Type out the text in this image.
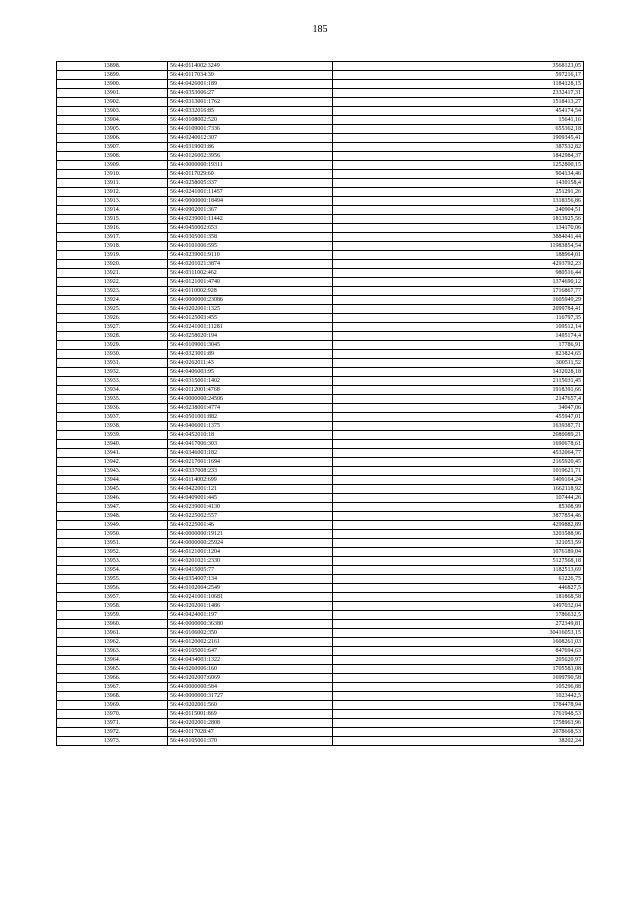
185
13898.	56:44:0114002:3249	3568123,05
13899.	56:44:0117034:30	597216,17
13900.	56:44:0426001:189	1184128,15
13901.	56:44:0353006:27	2332417,31
13902.	56:44:0313001:1762	1518413,27
13903.	56:44:0332016:85	454174,54
13904.	56:44:0108002:520	15641,16
13905.	56:44:0109001:7336	655362,18
13906.	56:44:0240012:307	1909345,41
13907.	56:44:0319003:86	387532,82
13908.	56:44:0126002:3956	1842984,37
13909.	56:44:0000000:19311	1252800,15
13910.	56:44:0117029:60	904134,46
13911.	56:44:0258005:337	1430158,4
13912.	56:44:0241001:11457	251291,26
13913.	56:44:0000000:18494	1318356,86
13914.	56:44:0902001:367	240904,51
13915.	56:44:0239001:11442	1813925,56
13916.	56:44:0450002:653	134170,06
13917.	56:44:0305001:358	3884041,44
13918.	56:44:0101006:595	11983854,54
13919.	56:44:0239001:9110	188964,01
13920.	56:44:0201021:3874	4293792,23
13921.	56:44:0311002:462	980516,44
13922.	56:44:0121001:4740	1374690,12
13923.	56:44:0110002:928	1716867,77
13924.	56:44:0000000:23086	1605949,29
13925.	56:44:0202001:1325	2099784,41
13926.	56:44:0125003:455	116797,35
13927.	56:44:0241001:11281	109512,14
13928.	56:44:0258020:194	1495174,4
13929.	56:44:0109001:3045	17786,91
13930.	56:44:0323001:89	823824,65
13931.	56:44:0262011:43	300511,52
13932.	56:44:0406003:95	1432028,18
13933.	56:44:0315001:1402	2115031,45
13934.	56:44:0112001:4768	1918391,66
13935.	56:44:0000000:24506	2147657,4
13936.	56:44:0238001:4774	34047,06
13937.	56:44:0501001:882	455947,01
13938.	56:44:0406001:1375	1639387,71
13939.	56:44:0452010:18	2080089,21
13940.	56:44:0417006:303	1690678,61
13941.	56:44:0346003:182	4532064,77
13942.	56:44:0217001:1694	2165920,45
13943.	56:44:0337008:233	1019621,71
13944.	56:44:0114002:699	1409164,24
13945.	56:44:0422001:121	1662118,92
13946.	56:44:0409001:445	107444,26
13947.	56:44:0239001:4130	85308,99
13948.	56:44:0225002:557	3877854,46
13949.	56:44:0225001:46	4299882,89
13950.	56:44:0000000:19121	3203588,96
13951.	56:44:0000000:25924	321053,59
13952.	56:44:0121001:1204	1076189,04
13953.	56:44:0201021:2330	5127568,18
13954.	56:44:0415005:77	1182513,69
13955.	56:44:0354007:134	61226,75
13956.	56:44:0102004:2549	446827,5
13957.	56:44:0241001:10681	181868,58
13958.	56:44:0202001:1486	1497032,04
13959.	56:44:0424001:197	1786632,5
13960.	56:44:0000000:36380	272349,81
13961.	56:44:0106002:350	30416053,15
13962.	56:44:0120002:2161	1608261,03
13963.	56:44:0105001:647	847694,63
13964.	56:44:0434003:1322	205620,97
13965.	56:44:0260006:160	1705583,08
13966.	56:44:0202007:6069	1699790,58
13967.	56:44:0000000:584	105296,88
13968.	56:44:0000000:31727	1023442,5
13969.	56:44:0202001:560	1784478,94
13970.	56:44:0115001:869	1761948,53
13971.	56:44:0202001:2808	1758963,96
13972.	56:44:0117028:47	2078668,53
13973.	56:44:0105001:370	38202,24
